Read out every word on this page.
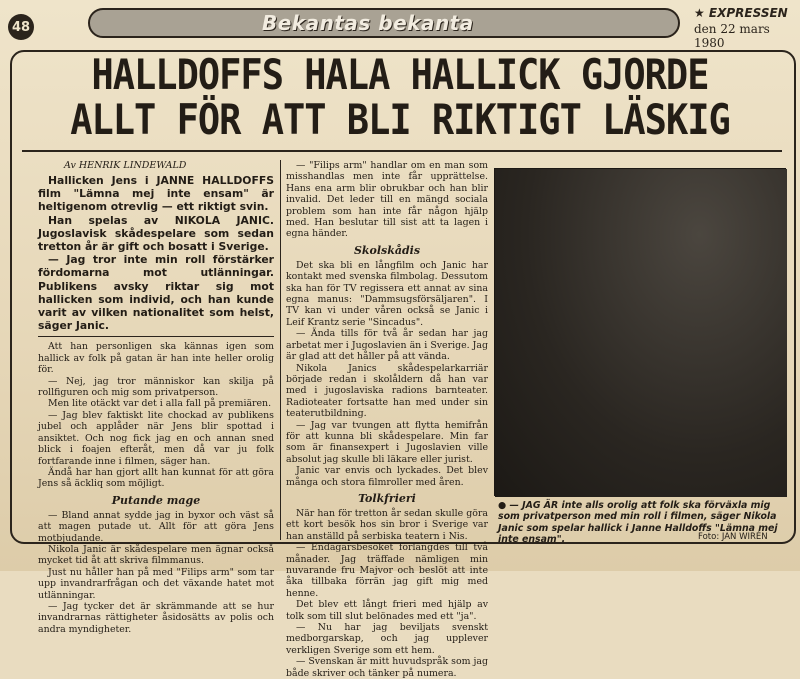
48	Bekantas bekanta	★ EXPRESSEN
den 22 mars 1980
HALLDOFFS HALA HALLICK GJORDE
ALLT FÖR ATT BLI RIKTIGT LÄSKIG
Av HENRIK LINDEWALD

Hallicken Jens i JANNE HALLDOFFS film "Lämna mej inte ensam" är heltigenom otrevlig — ett riktigt svin.

Han spelas av NIKOLA JANIC. Jugoslavisk skådespelare som sedan tretton år är gift och bosatt i Sverige.

— Jag tror inte min roll förstärker fördomarna mot utlänningar. Publikens avsky riktar sig mot hallicken som individ, och han kunde varit av vilken nationalitet som helst, säger Janic.

Att han personligen ska kännas igen som hallick av folk på gatan är han inte heller orolig för.

— Nej, jag tror människor kan skilja på rollfiguren och mig som privatperson.

Men lite otäckt var det i alla fall på premiären.

— Jag blev faktiskt lite chockad av publikens jubel och applåder när Jens blir spottad i ansiktet. Och nog fick jag en och annan sned blick i foajen efteråt, men då var ju folk fortfarande inne i filmen, säger han.

Ändå har han gjort allt han kunnat för att göra Jens så äckliq som möjligt.

Putande mage

— Bland annat sydde jag in byxor och väst så att magen putade ut. Allt för att göra Jens motbjudande.

Nikola Janic är skådespelare men ägnar också mycket tid åt att skriva filmmanus.

Just nu håller han på med "Filips arm" som tar upp invandrarfrågan och det växande hatet mot utlänningar.

— Jag tycker det är skrämmande att se hur invandrarnas rättigheter åsidosätts av polis och andra myndigheter.

— "Filips arm" handlar om en man som misshandlas men inte får upprättelse. Hans ena arm blir obrukbar och han blir invalid. Det leder till en mängd sociala problem som han inte får någon hjälp med. Han beslutar till sist att ta lagen i egna händer.

Skolskådis

Det ska bli en långfilm och Janic har kontakt med svenska filmbolag. Dessutom ska han för TV regissera ett annat av sina egna manus: "Dammsugsförsäljaren". I TV kan vi under våren också se Janic i Leif Krantz serie "Sincadus".

— Ända tills för två år sedan har jag arbetat mer i Jugoslavien än i Sverige. Jag är glad att det håller på att vända.

Nikola Janics skådespelarkarriär började redan i skolåldern då han var med i jugoslaviska radions barnteater. Radioteater fortsatte han med under sin teaterutbildning.

— Jag var tvungen att flytta hemifrån för att kunna bli skådespelare. Min far som är finansexpert i Jugoslavien ville absolut jag skulle bli läkare eller jurist.

Janic var envis och lyckades. Det blev många och stora filmroller med åren.

Tolkfrieri

När han för tretton år sedan skulle göra ett kort besök hos sin bror i Sverige var han anställd på serbiska teatern i Nis.

— Endagarsbesöket förlängdes till två månader. Jag träffade nämligen min nuvarande fru Majvor och beslöt att inte åka tillbaka förrän jag gift mig med henne.

Det blev ett långt frieri med hjälp av tolk som till slut belönades med ett "ja".

— Nu har jag beviljats svenskt medborgarskap, och jag upplever verkligen Sverige som ett hem.

— Svenskan är mitt huvudspråk som jag både skriver och tänker på numera.

● — JAG ÄR inte alls orolig att folk ska förväxla mig som privatperson med min roll i filmen, säger Nikola Janic som spelar hallick i Janne Halldoffs "Lämna mej inte ensam".	Foto: JAN WIRÉN
